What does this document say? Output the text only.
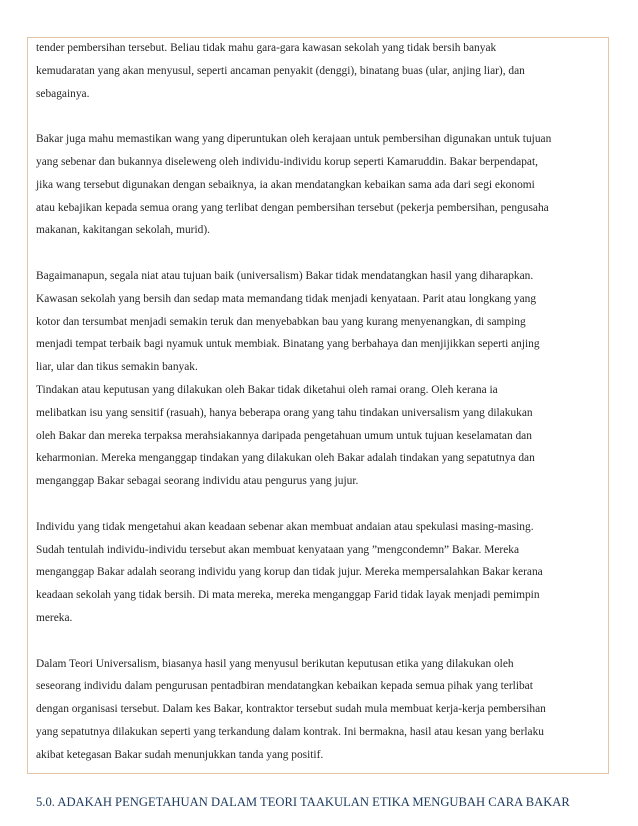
tender pembersihan tersebut. Beliau tidak mahu gara-gara kawasan sekolah yang tidak bersih banyak
kemudaratan yang akan menyusul, seperti ancaman penyakit (denggi), binatang buas (ular, anjing liar), dan
sebagainya.
Bakar juga mahu memastikan wang yang diperuntukan oleh kerajaan untuk pembersihan digunakan untuk tujuan
yang sebenar dan bukannya diseleweng oleh individu-individu korup seperti Kamaruddin. Bakar berpendapat,
jika wang tersebut digunakan dengan sebaiknya, ia akan mendatangkan kebaikan sama ada dari segi ekonomi
atau kebajikan kepada semua orang yang terlibat dengan pembersihan tersebut (pekerja pembersihan, pengusaha
makanan, kakitangan sekolah, murid).
Bagaimanapun, segala niat atau tujuan baik (universalism) Bakar tidak mendatangkan hasil yang diharapkan.
Kawasan sekolah yang bersih dan sedap mata memandang tidak menjadi kenyataan. Parit atau longkang yang
kotor dan tersumbat menjadi semakin teruk dan menyebabkan bau yang kurang menyenangkan, di samping
menjadi tempat terbaik bagi nyamuk untuk membiak. Binatang yang berbahaya dan menjijikkan seperti anjing
liar, ular dan tikus semakin banyak.
Tindakan atau keputusan yang dilakukan oleh Bakar tidak diketahui oleh ramai orang. Oleh kerana ia
melibatkan isu yang sensitif (rasuah), hanya beberapa orang yang tahu tindakan universalism yang dilakukan
oleh Bakar dan mereka terpaksa merahsiakannya daripada pengetahuan umum untuk tujuan keselamatan dan
keharmonian. Mereka menganggap tindakan yang dilakukan oleh Bakar adalah tindakan yang sepatutnya dan
menganggap Bakar sebagai seorang individu atau pengurus yang jujur.
Individu yang tidak mengetahui akan keadaan sebenar akan membuat andaian atau spekulasi masing-masing.
Sudah tentulah individu-individu tersebut akan membuat kenyataan yang ”mengcondemn” Bakar. Mereka
menganggap Bakar adalah seorang individu yang korup dan tidak jujur. Mereka mempersalahkan Bakar kerana
keadaan sekolah yang tidak bersih. Di mata mereka, mereka menganggap Farid tidak layak menjadi pemimpin
mereka.
Dalam Teori Universalism, biasanya hasil yang menyusul berikutan keputusan etika yang dilakukan oleh
seseorang individu dalam pengurusan pentadbiran mendatangkan kebaikan kepada semua pihak yang terlibat
dengan organisasi tersebut. Dalam kes Bakar, kontraktor tersebut sudah mula membuat kerja-kerja pembersihan
yang sepatutnya dilakukan seperti yang terkandung dalam kontrak. Ini bermakna, hasil atau kesan yang berlaku
akibat ketegasan Bakar sudah menunjukkan tanda yang positif.
5.0. ADAKAH PENGETAHUAN DALAM TEORI TAAKULAN ETIKA MENGUBAH CARA BAKAR
